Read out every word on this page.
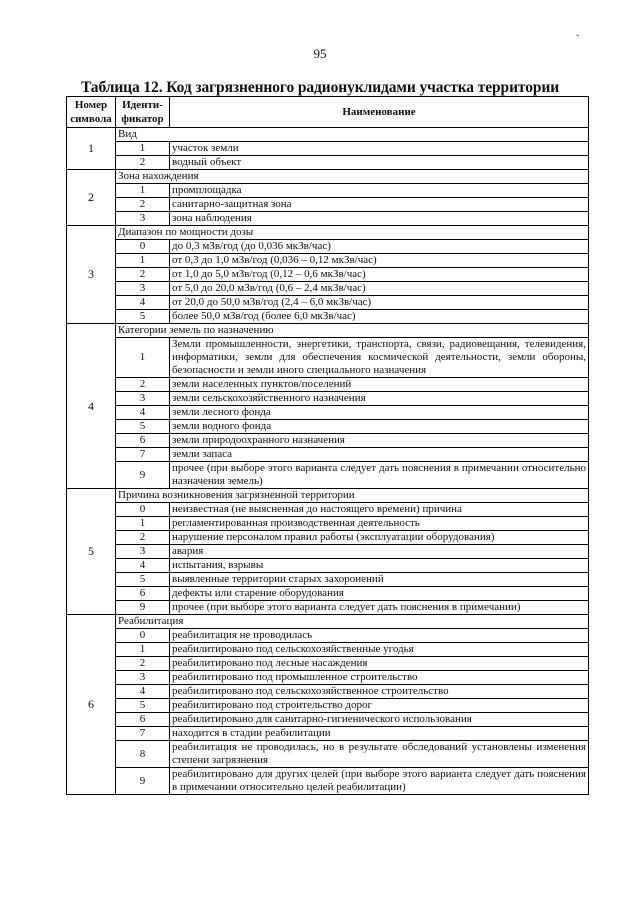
95
ˇ
Таблица 12. Код загрязненного радионуклидами участка территории
Номер символа	Иденти-фикатор	Наименование
1	Вид	
	1	участок земли
	2	водный объект
2	Зона нахождения	
	1	промплощадка
	2	санитарно-защитная зона
	3	зона наблюдения
3	Диапазон по мощности дозы	
	0	до 0,3 мЗв/год (до 0,036 мкЗв/час)
	1	от 0,3 до 1,0 мЗв/год (0,036 – 0,12 мкЗв/час)
	2	от 1,0 до 5,0 мЗв/год (0,12 – 0,6 мкЗв/час)
	3	от 5,0 до 20,0 мЗв/год (0,6 – 2,4 мкЗв/час)
	4	от 20,0 до 50,0 мЗв/год (2,4 – 6,0 мкЗв/час)
	5	более 50,0 мЗв/год (более 6,0 мкЗв/час)
4	Категории земель по назначению	
	1	Земли промышленности, энергетики, транспорта, связи, радиовещания, телевидения, информатики, земли для обеспечения космической деятельности, земли обороны, безопасности и земли иного специального назначения
	2	земли населенных пунктов/поселений
	3	земли сельскохозяйственного назначения
	4	земли лесного фонда
	5	земли водного фонда
	6	земли природоохранного назначения
	7	земли запаса
	9	прочее (при выборе этого варианта следует дать пояснения в примечании относительно назначения земель)
5	Причина возникновения загрязненной территории	
	0	неизвестная (не выясненная до настоящего времени) причина
	1	регламентированная производственная деятельность
	2	нарушение персоналом правил работы (эксплуатации оборудования)
	3	авария
	4	испытания, взрывы
	5	выявленные территории старых захоронений
	6	дефекты или старение оборудования
	9	прочее (при выборе этого варианта следует дать пояснения в примечании)
6	Реабилитация	
	0	реабилитация не проводилась
	1	реабилитировано под сельскохозяйственные угодья
	2	реабилитировано под лесные насаждения
	3	реабилитировано под промышленное строительство
	4	реабилитировано под сельскохозяйственное строительство
	5	реабилитировано под строительство дорог
	6	реабилитировано для санитарно-гигиенического использования
	7	находится в стадии реабилитации
	8	реабилитация не проводилась, но в результате обследований установлены изменения степени загрязнения
	9	реабилитировано для других целей (при выборе этого варианта следует дать пояснения в примечании относительно целей реабилитации)
